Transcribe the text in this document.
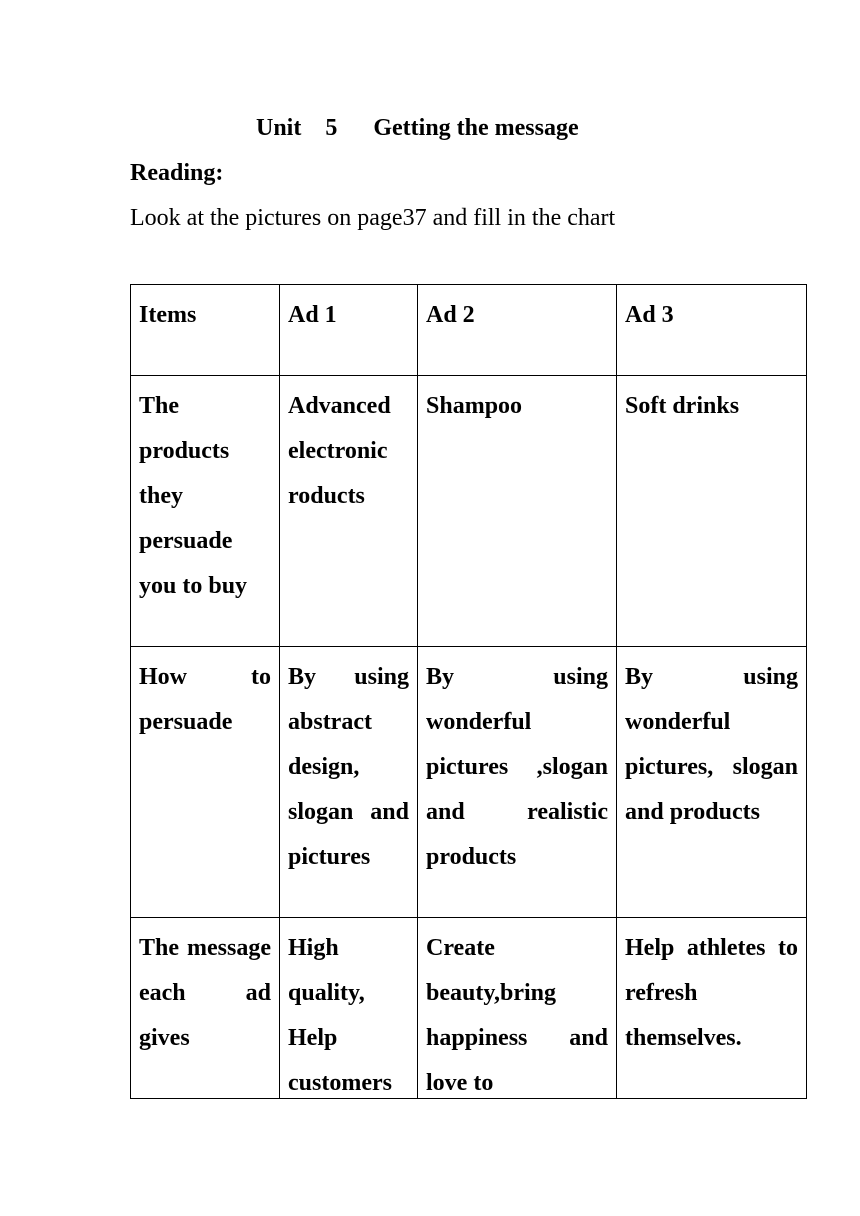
Unit    5      Getting the message
Reading:
Look at the pictures on page37 and fill in the chart
Items	Ad 1	Ad 2	Ad 3
The products they persuade you to buy	Advanced electronic roducts	Shampoo	Soft drinks
How to persuade	By using abstract design, slogan and pictures	By using wonderful pictures ,slogan and realistic products	By using wonderful pictures, slogan and products

The message each ad gives	High quality, Help customers	Create beauty,bring happiness and love to	Help athletes to refresh themselves.
